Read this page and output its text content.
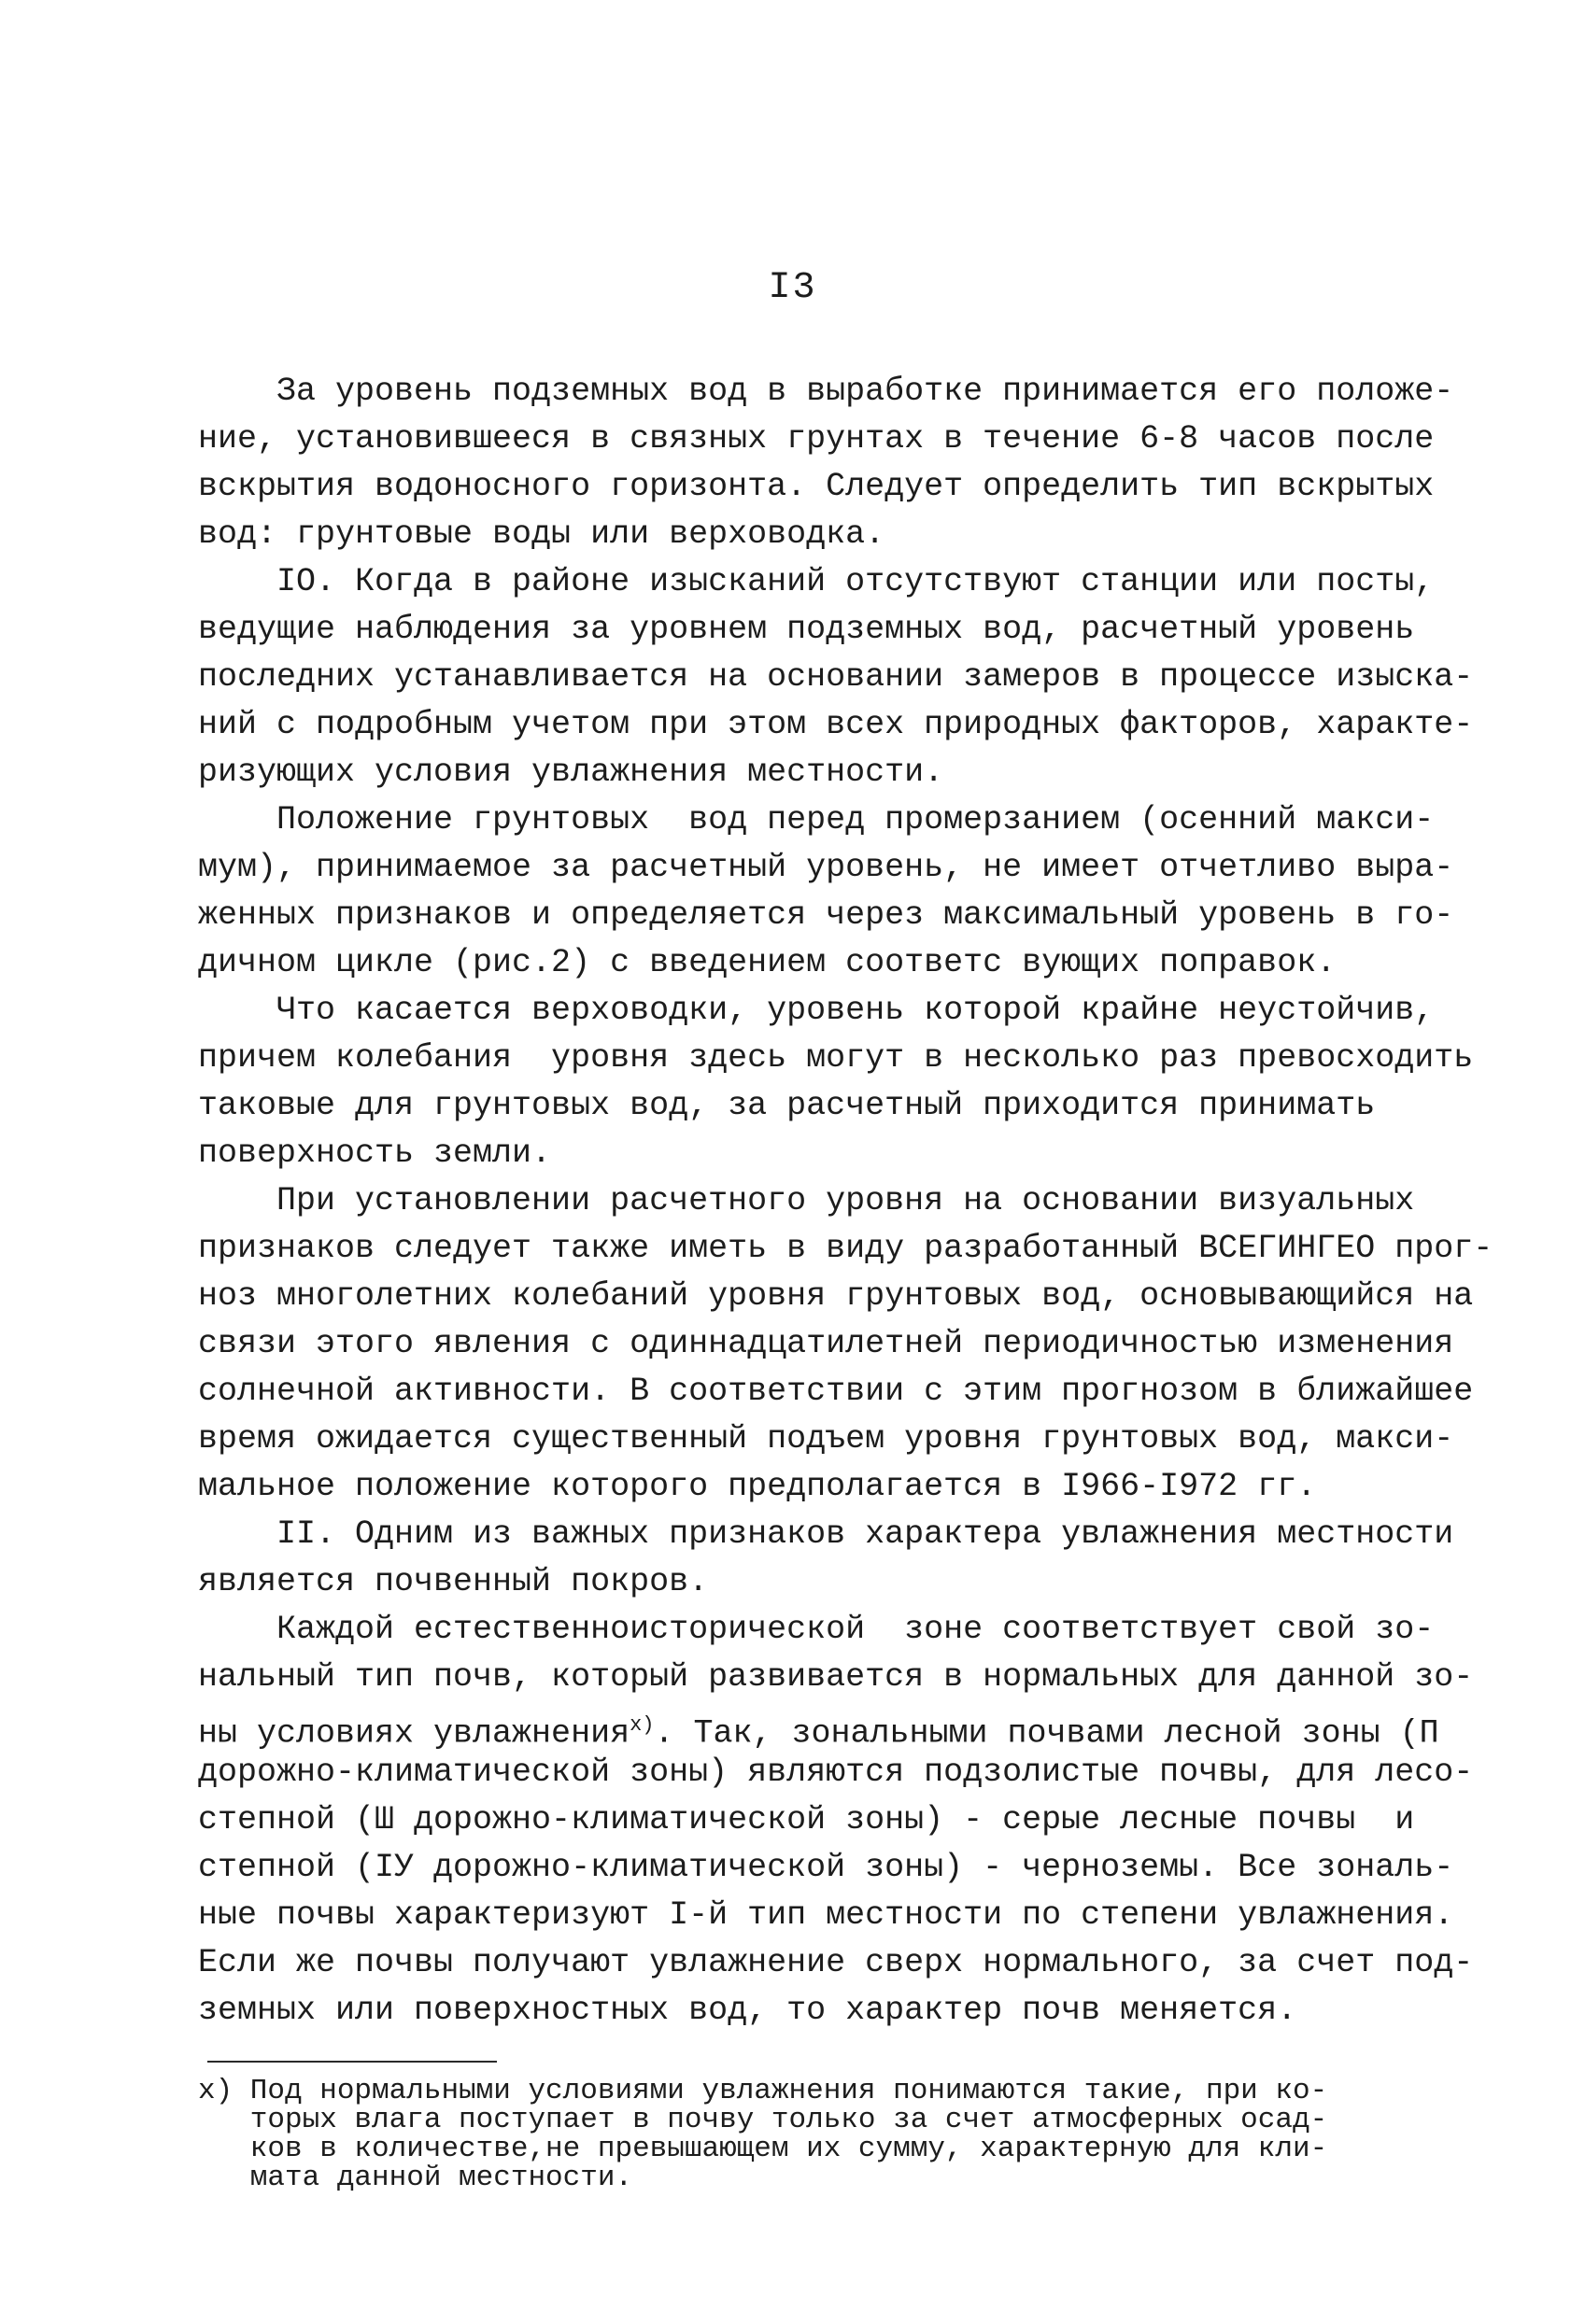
I3
За уровень подземных вод в выработке принимается его положе-
ние, установившееся в связных грунтах в течение 6-8 часов после
вскрытия водоносного горизонта. Следует определить тип вскрытых
вод: грунтовые воды или верховодка.
IO. Когда в районе изысканий отсутствуют станции или посты,
ведущие наблюдения за уровнем подземных вод, расчетный уровень
последних устанавливается на основании замеров в процессе изыска-
ний с подробным учетом при этом всех природных факторов, характе-
ризующих условия увлажнения местности.
Положение грунтовых  вод перед промерзанием (осенний макси-
мум), принимаемое за расчетный уровень, не имеет отчетливо выра-
женных признаков и определяется через максимальный уровень в го-
дичном цикле (рис.2) с введением соответс вующих поправок.
Что касается верховодки, уровень которой крайне неустойчив,
причем колебания  уровня здесь могут в несколько раз превосходить
таковые для грунтовых вод, за расчетный приходится принимать
поверхность земли.
При установлении расчетного уровня на основании визуальных
признаков следует также иметь в виду разработанный ВСЕГИНГЕО прог-
ноз многолетних колебаний уровня грунтовых вод, основывающийся на
связи этого явления с одиннадцатилетней периодичностью изменения
солнечной активности. В соответствии с этим прогнозом в ближайшее
время ожидается существенный подъем уровня грунтовых вод, макси-
мальное положение которого предполагается в I966-I972 гг.
II. Одним из важных признаков характера увлажнения местности
является почвенный покров.
Каждой естественноисторической  зоне соответствует свой зо-
нальный тип почв, который развивается в нормальных для данной зо-
ны условиях увлажнения$^{x)}$. Так, зональными почвами лесной зоны (П
дорожно-климатической зоны) являются подзолистые почвы, для лесо-
степной (Ш дорожно-климатической зоны) - серые лесные почвы  и
степной (IУ дорожно-климатической зоны) - черноземы. Все зональ-
ные почвы характеризуют I-й тип местности по степени увлажнения.
Если же почвы получают увлажнение сверх нормального, за счет под-
земных или поверхностных вод, то характер почв меняется.
x) Под нормальными условиями увлажнения понимаются такие, при ко-
торых влага поступает в почву только за счет атмосферных осад-
ков в количестве,не превышающем их сумму, характерную для кли-
мата данной местности.
